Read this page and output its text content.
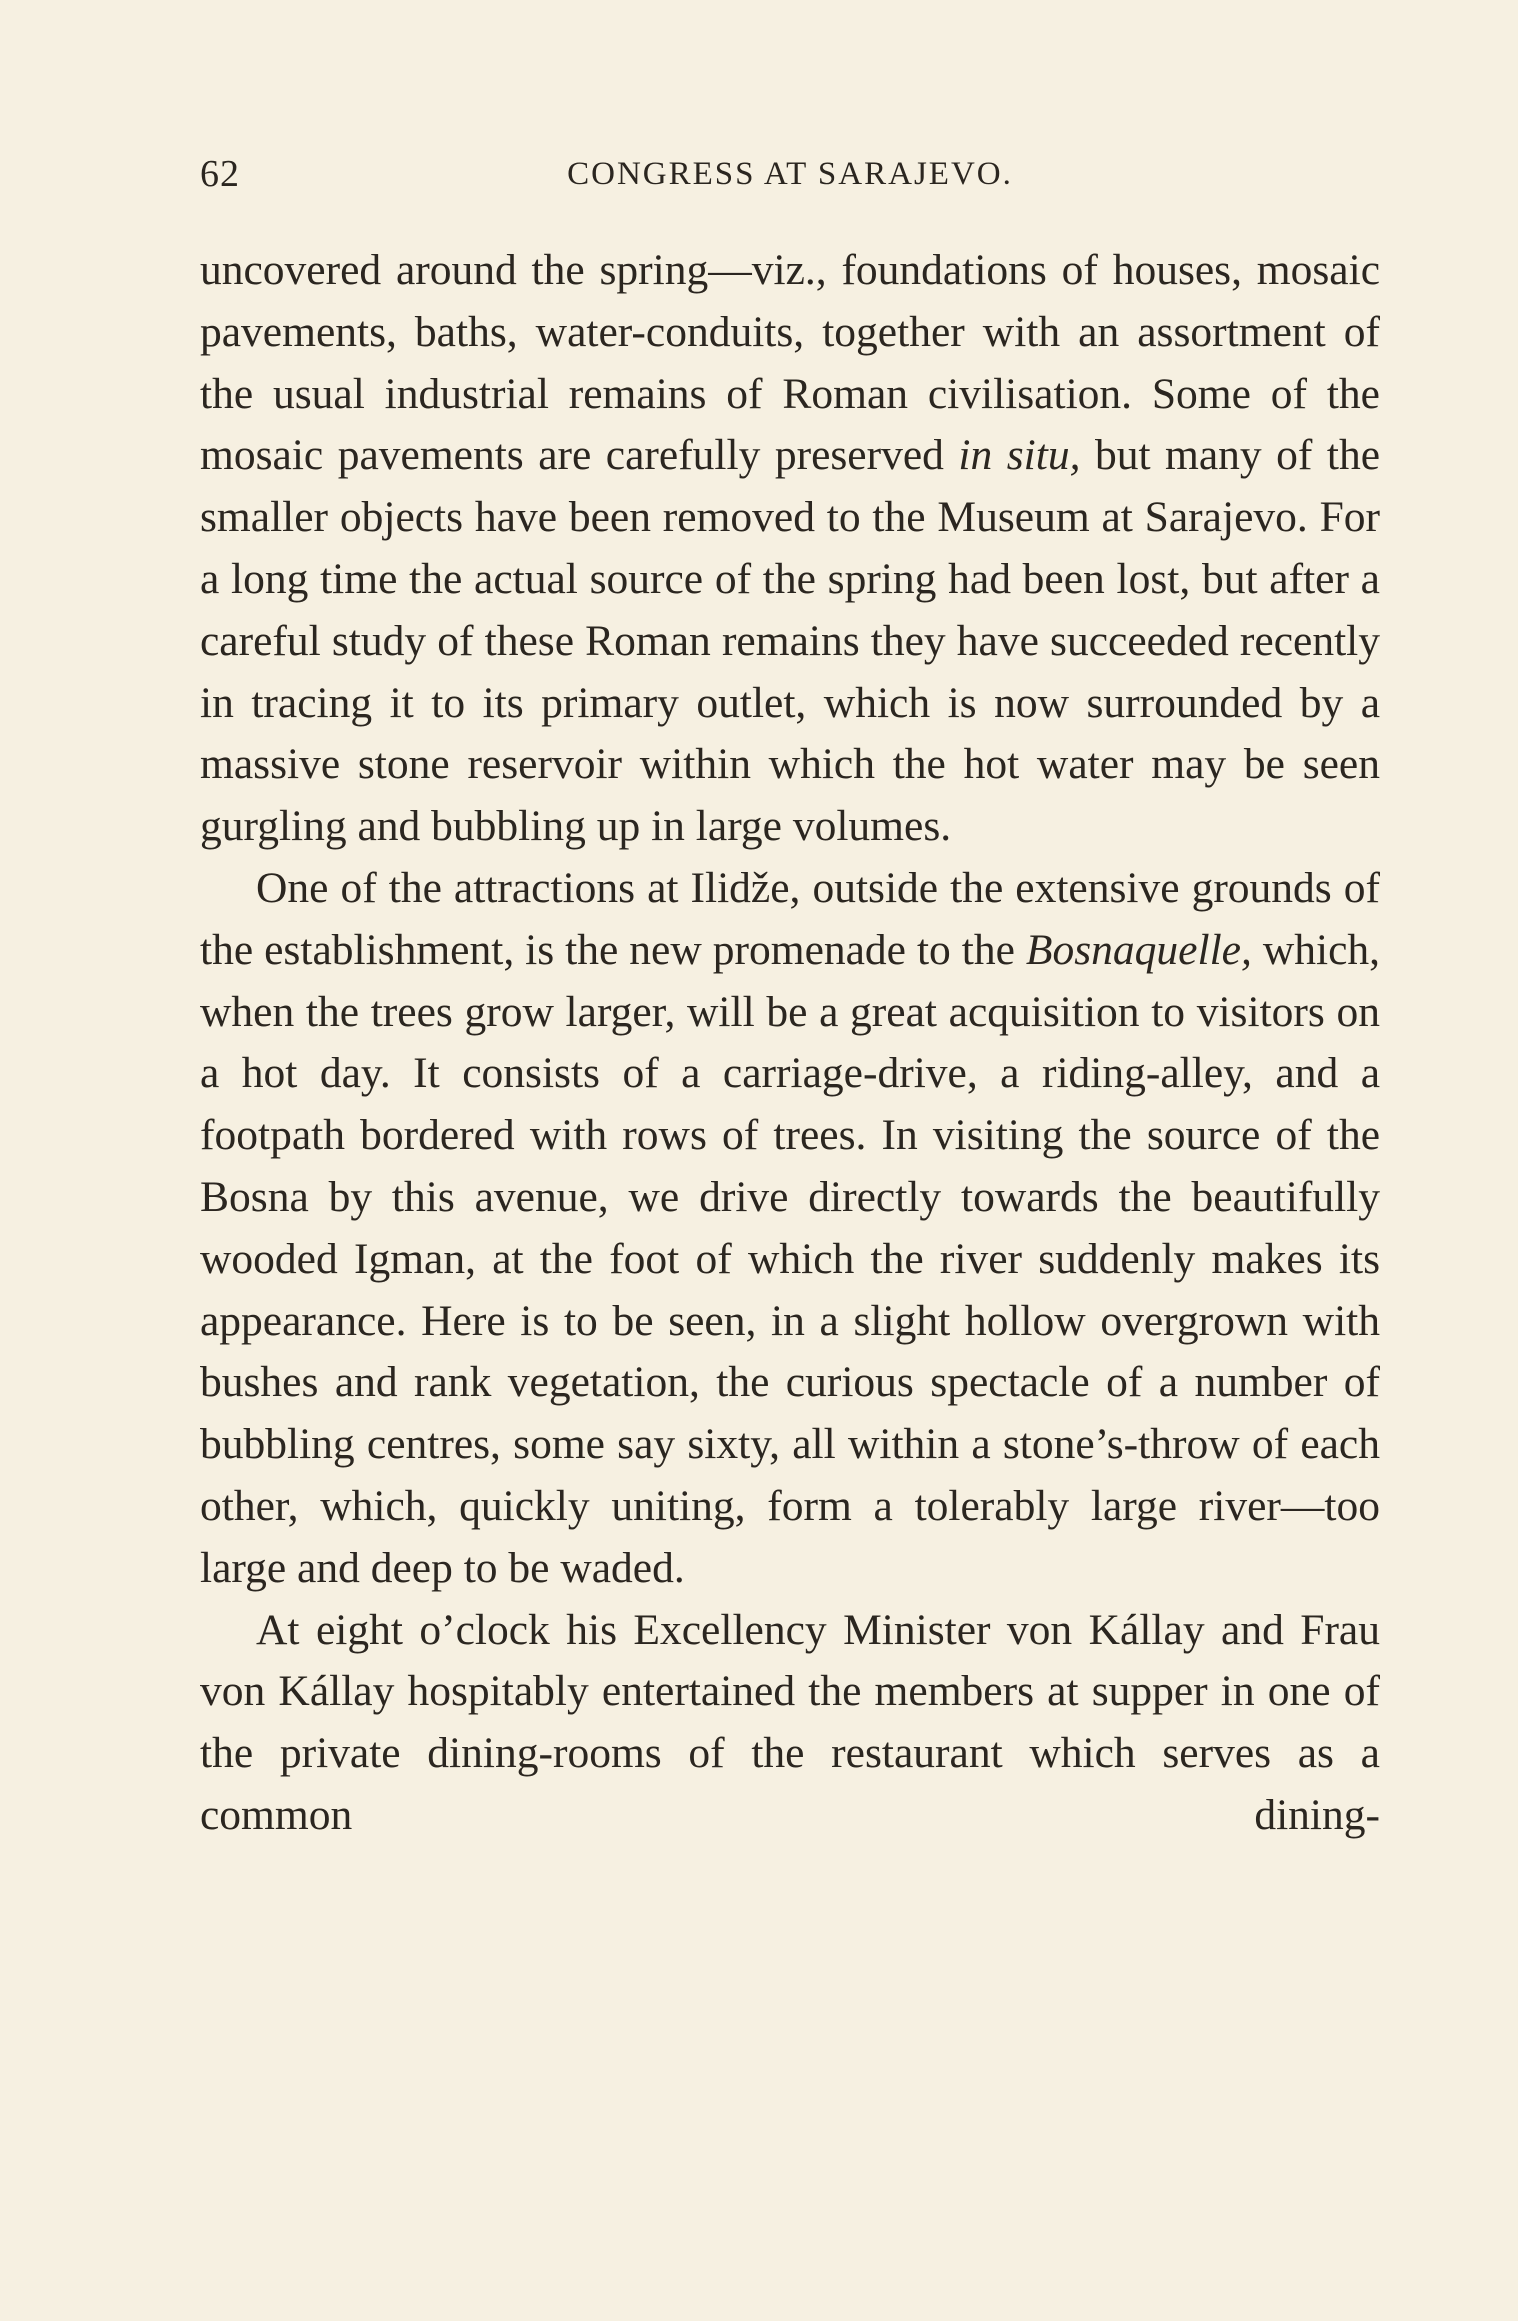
62	CONGRESS AT SARAJEVO.

uncovered around the spring—viz., foundations of houses, mosaic pavements, baths, water-conduits, together with an assortment of the usual industrial remains of Roman civilisation. Some of the mosaic pavements are carefully preserved in situ, but many of the smaller objects have been removed to the Museum at Sarajevo. For a long time the actual source of the spring had been lost, but after a careful study of these Roman remains they have succeeded recently in tracing it to its primary outlet, which is now surrounded by a massive stone reservoir within which the hot water may be seen gurgling and bubbling up in large volumes.

One of the attractions at Ilidže, outside the extensive grounds of the establishment, is the new promenade to the Bosnaquelle, which, when the trees grow larger, will be a great acquisition to visitors on a hot day. It consists of a carriage-drive, a riding-alley, and a footpath bordered with rows of trees. In visiting the source of the Bosna by this avenue, we drive directly towards the beautifully wooded Igman, at the foot of which the river suddenly makes its appearance. Here is to be seen, in a slight hollow overgrown with bushes and rank vegetation, the curious spectacle of a number of bubbling centres, some say sixty, all within a stone’s-throw of each other, which, quickly uniting, form a tolerably large river—too large and deep to be waded.

At eight o’clock his Excellency Minister von Kállay and Frau von Kállay hospitably entertained the members at supper in one of the private dining-rooms of the restaurant which serves as a common dining-
